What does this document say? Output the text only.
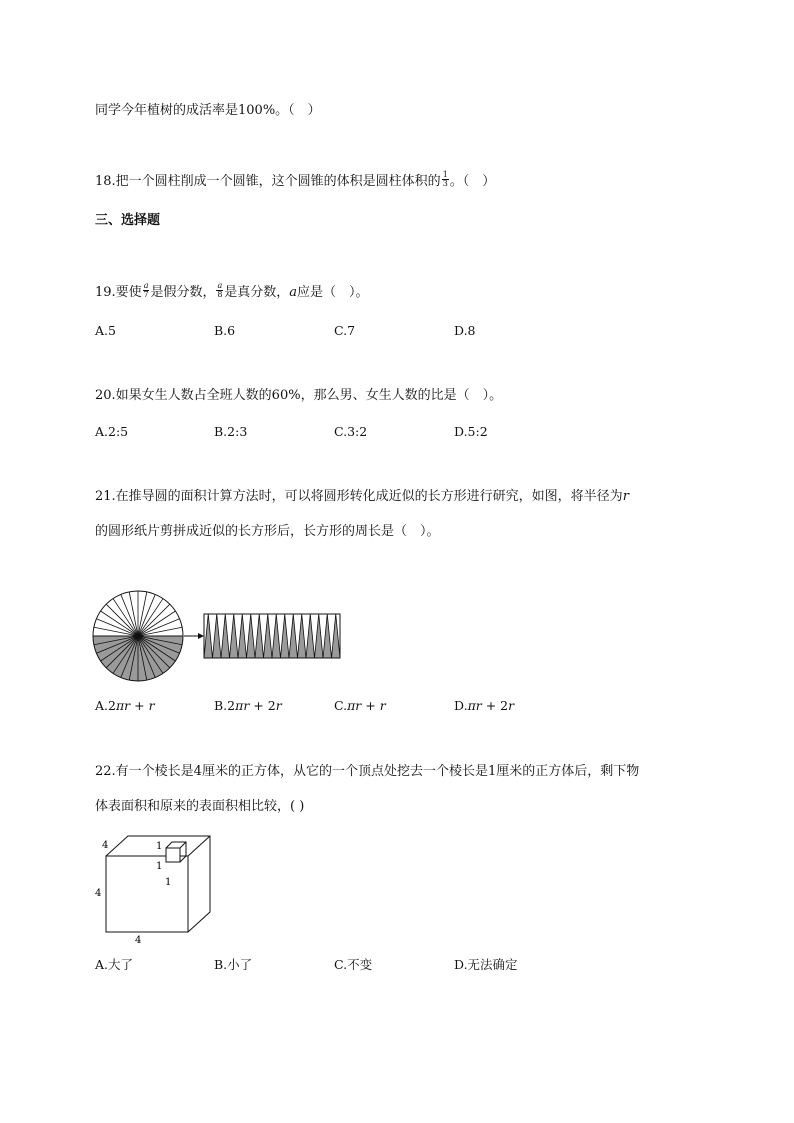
同学今年植树的成活率是100%。（　）
18.把一个圆柱削成一个圆锥，这个圆锥的体积是圆柱体积的 $\frac{1}{3}$ 。（　）
三、选择题
19.要使 $\frac{a}{7}$ 是假分数， $\frac{a}{8}$ 是真分数，a应是（　）。
A.5	B.6	C.7	D.8
20.如果女生人数占全班人数的60%，那么男、女生人数的比是（　）。
A.2:5	B.2:3	C.3:2	D.5:2
21.在推导圆的面积计算方法时，可以将圆形转化成近似的长方形进行研究，如图，将半径为r
的圆形纸片剪拼成近似的长方形后，长方形的周长是（　）。
A.2πr + r	B.2πr + 2r	C.πr + r	D.πr + 2r
22.有一个棱长是4厘米的正方体，从它的一个顶点处挖去一个棱长是1厘米的正方体后，剩下物
体表面积和原来的表面积相比较，( )
4
4
4
1
1
1
A.大了	B.小了	C.不变	D.无法确定
